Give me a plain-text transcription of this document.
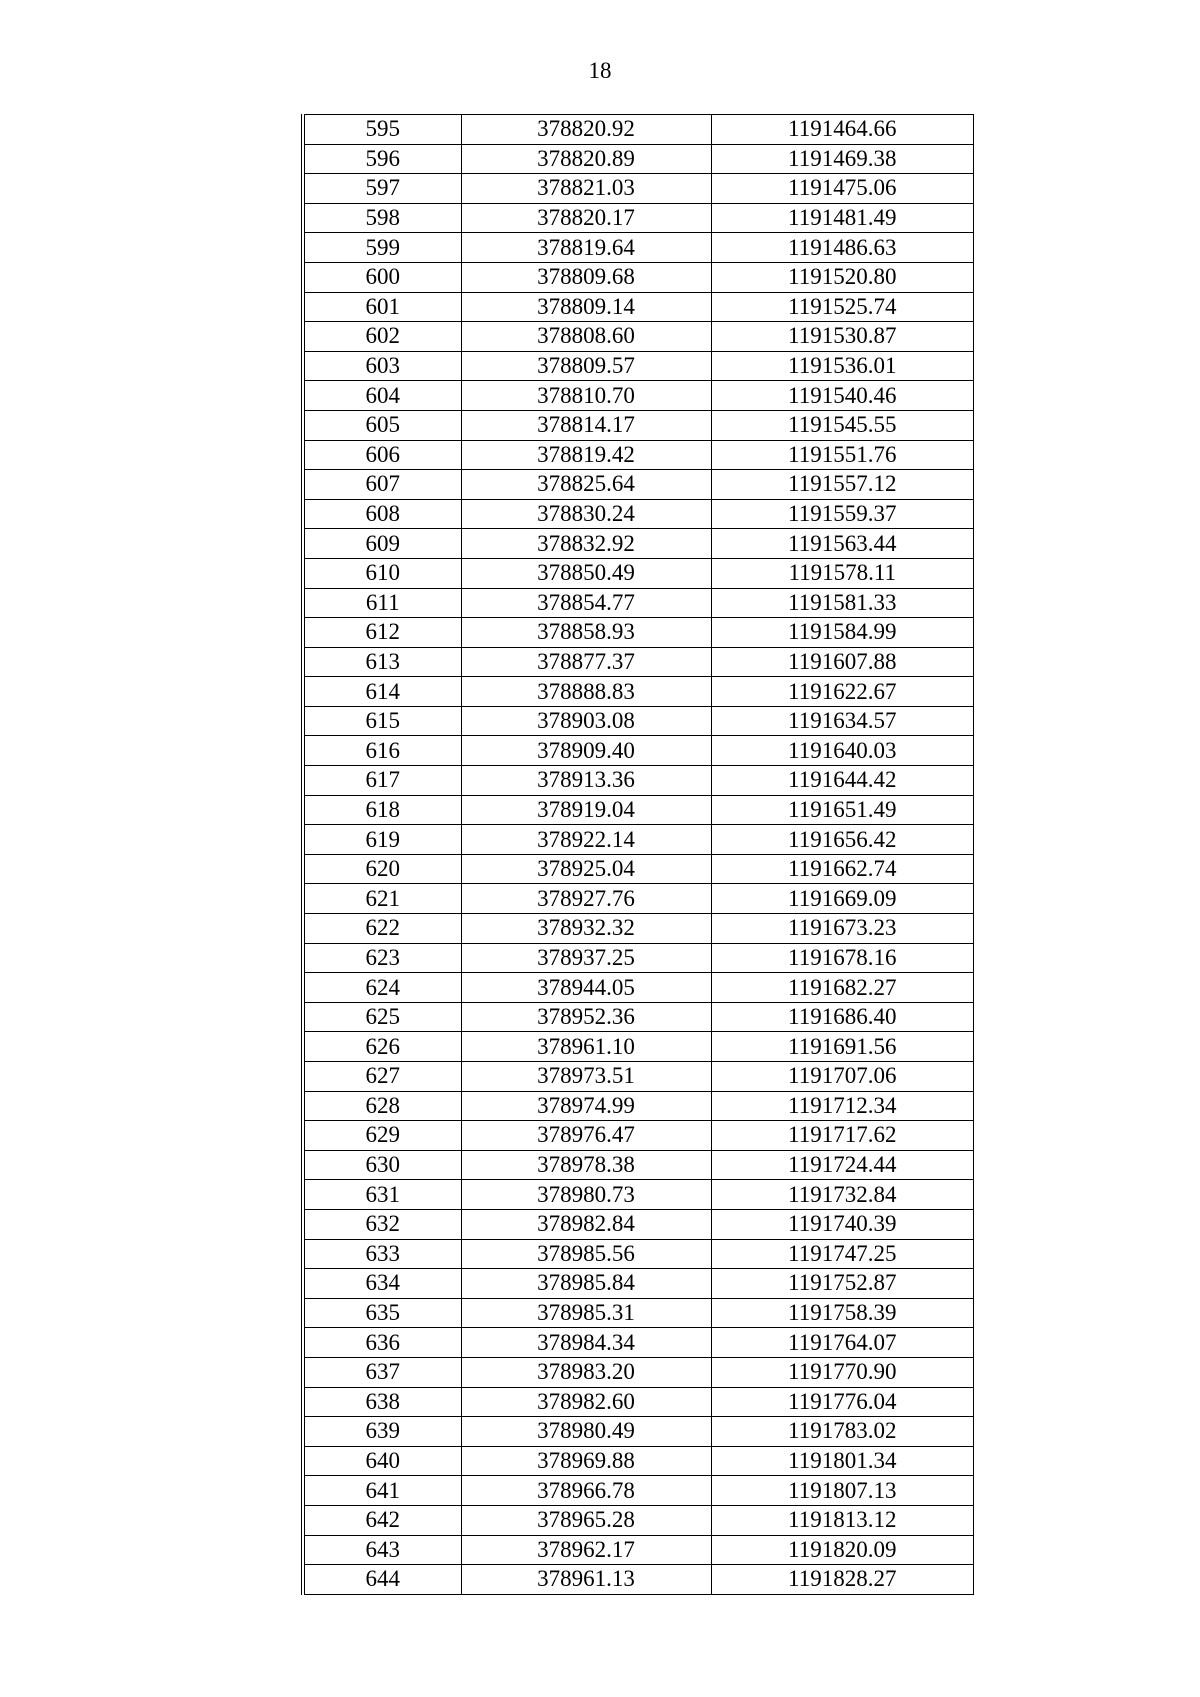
18
595	378820.92	1191464.66
596	378820.89	1191469.38
597	378821.03	1191475.06
598	378820.17	1191481.49
599	378819.64	1191486.63
600	378809.68	1191520.80
601	378809.14	1191525.74
602	378808.60	1191530.87
603	378809.57	1191536.01
604	378810.70	1191540.46
605	378814.17	1191545.55
606	378819.42	1191551.76
607	378825.64	1191557.12
608	378830.24	1191559.37
609	378832.92	1191563.44
610	378850.49	1191578.11
611	378854.77	1191581.33
612	378858.93	1191584.99
613	378877.37	1191607.88
614	378888.83	1191622.67
615	378903.08	1191634.57
616	378909.40	1191640.03
617	378913.36	1191644.42
618	378919.04	1191651.49
619	378922.14	1191656.42
620	378925.04	1191662.74
621	378927.76	1191669.09
622	378932.32	1191673.23
623	378937.25	1191678.16
624	378944.05	1191682.27
625	378952.36	1191686.40
626	378961.10	1191691.56
627	378973.51	1191707.06
628	378974.99	1191712.34
629	378976.47	1191717.62
630	378978.38	1191724.44
631	378980.73	1191732.84
632	378982.84	1191740.39
633	378985.56	1191747.25
634	378985.84	1191752.87
635	378985.31	1191758.39
636	378984.34	1191764.07
637	378983.20	1191770.90
638	378982.60	1191776.04
639	378980.49	1191783.02
640	378969.88	1191801.34
641	378966.78	1191807.13
642	378965.28	1191813.12
643	378962.17	1191820.09
644	378961.13	1191828.27
